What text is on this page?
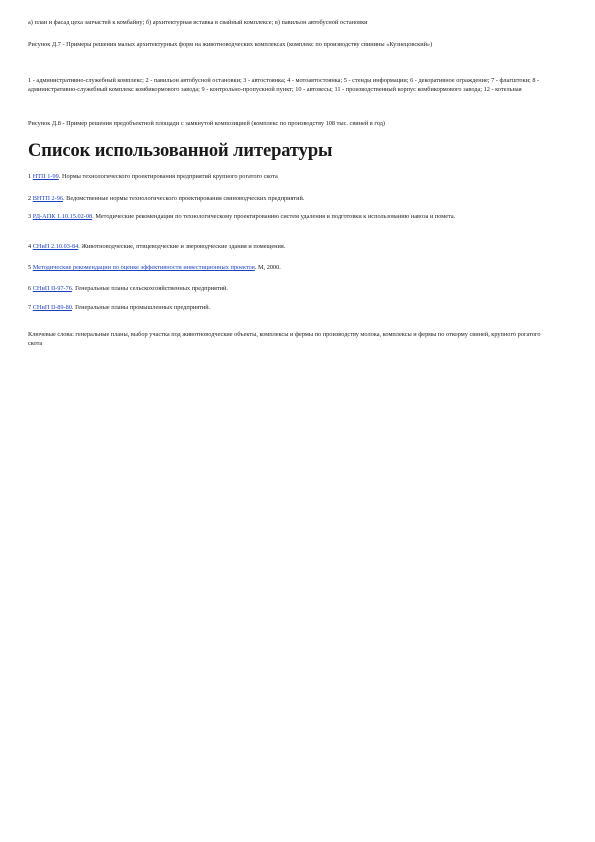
а) план и фасад цеха запчастей к комбайну; б) архитектурная вставка в свайный комплексе; в) павильон автобусной остановки

Рисунок Д.7 - Примеры решения малых архитектурных форм на животноводческих комплексах (комплекс по производству свинины «Кузнецовский»)

1 - административно-служебный комплекс; 2 - павильон автобусной остановки; 3 - автостоянка; 4 - мотоавтостоянка; 5 - стенды информации; 6 - декоративное ограждение; 7 - флагштоки; 8 - административно-служебный комплекс комбикормового завода; 9 - контрольно-пропускной пункт; 10 - автовесы; 11 - производственный корпус комбикормового завода; 12 - котельная

Рисунок Д.8 - Пример решения предобъектной площади с замкнутой композицией (комплекс по производству 108 тыс. свиней в год)

Список использованной литературы

1 НТП 1-99. Нормы технологического проектирования предприятий крупного рогатого скота

2 ВНТП 2-96. Ведомственные нормы технологического проектирования свиноводческих предприятий.

3 РД-АПК 1.10.15.02-08. Методические рекомендации по технологическому проектированию систем удаления и подготовки к использованию навоза и помета.

4 СНиП 2.10.03-84. Животноводческие, птицеводческие и звероводческие здания и помещения.

5 Методические рекомендации по оценке эффективности инвестиционных проектов. М, 2000.

6 СНиП II-97-76. Генеральные планы сельскохозяйственных предприятий.

7 СНиП II-89-80. Генеральные планы промышленных предприятий.

Ключевые слова: генеральные планы, выбор участка под животноводческие объекты, комплексы и фермы по производству молока, комплексы и фермы по откорму свиней, крупного рогатого скота
